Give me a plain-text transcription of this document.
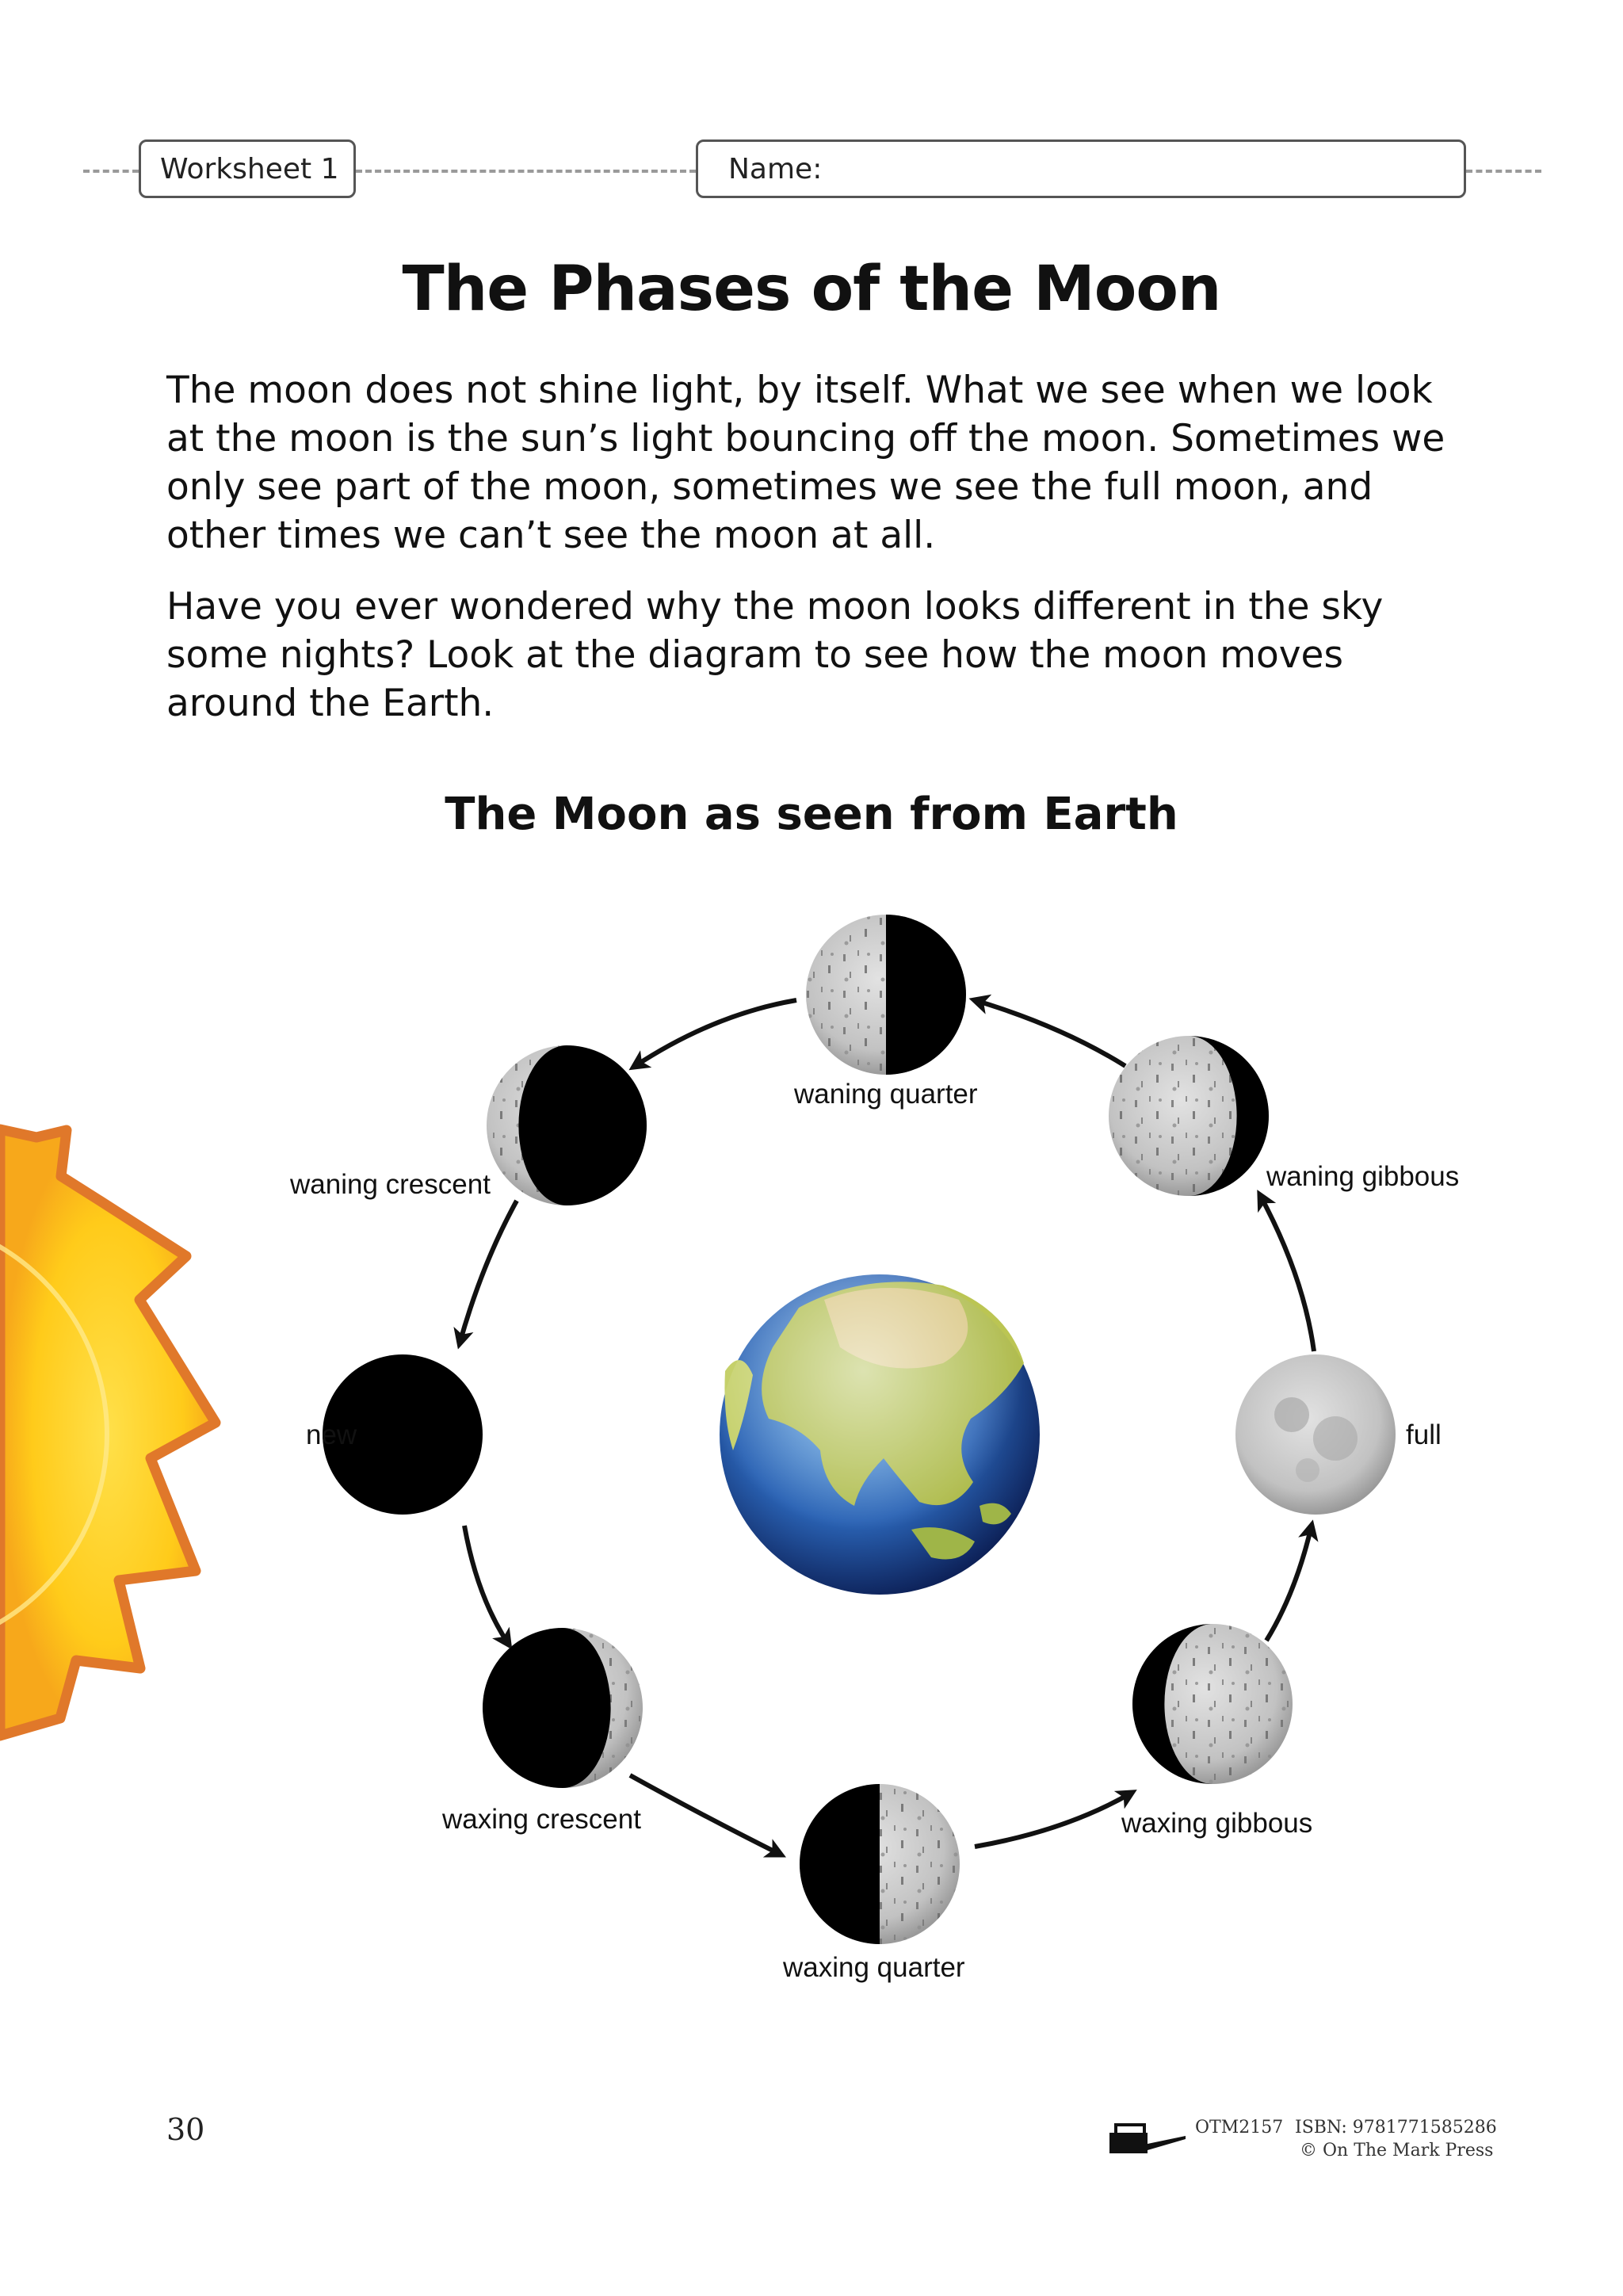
Worksheet 1	Name:
The Phases of the Moon

The moon does not shine light, by itself. What we see when we look at the moon is the sun’s light bouncing off the moon. Sometimes we only see part of the moon, sometimes we see the full moon, and other times we can’t see the moon at all.

Have you ever wondered why the moon looks different in the sky some nights? Look at the diagram to see how the moon moves around the Earth.

The Moon as seen from Earth
new
waxing crescent
waxing quarter
waxing gibbous
full
waning gibbous
waning quarter
waning crescent
30	OTM2157 ISBN: 9781771585286
© On The Mark Press
